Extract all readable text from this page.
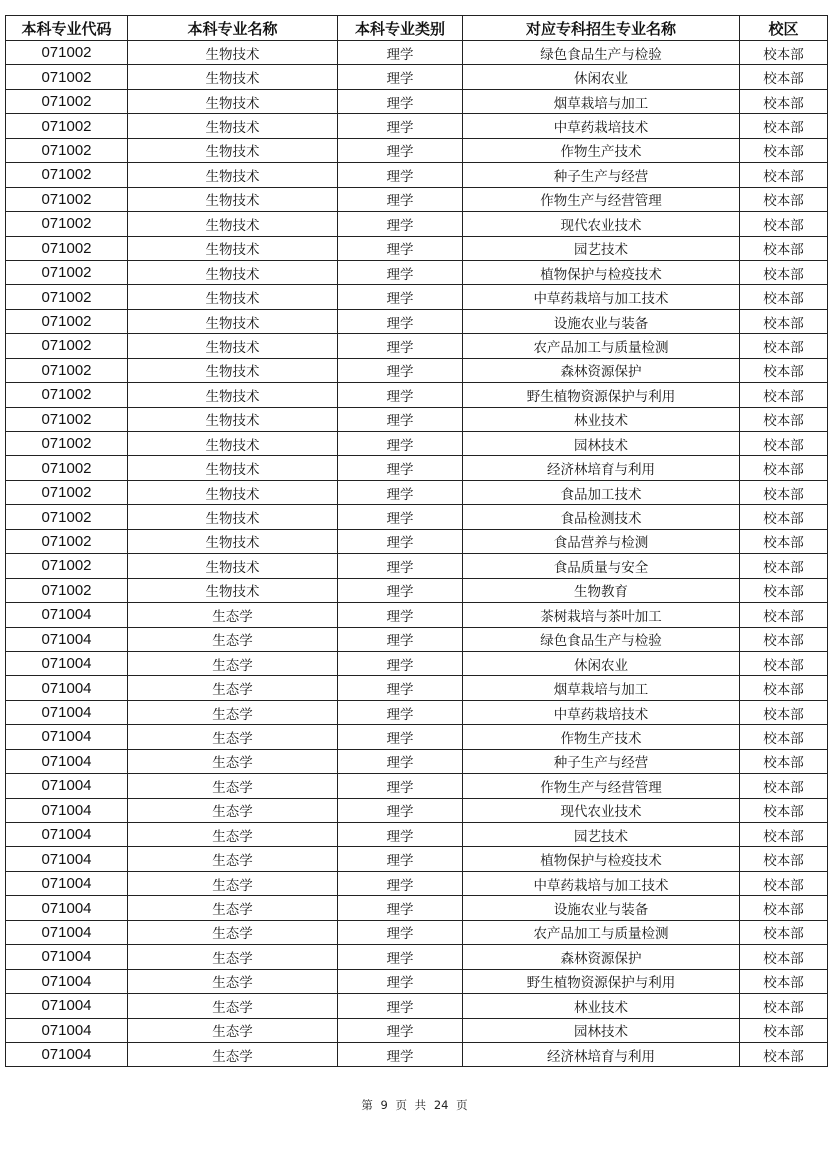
本科专业代码	本科专业名称	本科专业类别	对应专科招生专业名称	校区
071002	生物技术	理学	绿色食品生产与检验	校本部
071002	生物技术	理学	休闲农业	校本部
071002	生物技术	理学	烟草栽培与加工	校本部
071002	生物技术	理学	中草药栽培技术	校本部
071002	生物技术	理学	作物生产技术	校本部
071002	生物技术	理学	种子生产与经营	校本部
071002	生物技术	理学	作物生产与经营管理	校本部
071002	生物技术	理学	现代农业技术	校本部
071002	生物技术	理学	园艺技术	校本部
071002	生物技术	理学	植物保护与检疫技术	校本部
071002	生物技术	理学	中草药栽培与加工技术	校本部
071002	生物技术	理学	设施农业与装备	校本部
071002	生物技术	理学	农产品加工与质量检测	校本部
071002	生物技术	理学	森林资源保护	校本部
071002	生物技术	理学	野生植物资源保护与利用	校本部
071002	生物技术	理学	林业技术	校本部
071002	生物技术	理学	园林技术	校本部
071002	生物技术	理学	经济林培育与利用	校本部
071002	生物技术	理学	食品加工技术	校本部
071002	生物技术	理学	食品检测技术	校本部
071002	生物技术	理学	食品营养与检测	校本部
071002	生物技术	理学	食品质量与安全	校本部
071002	生物技术	理学	生物教育	校本部
071004	生态学	理学	茶树栽培与茶叶加工	校本部
071004	生态学	理学	绿色食品生产与检验	校本部
071004	生态学	理学	休闲农业	校本部
071004	生态学	理学	烟草栽培与加工	校本部
071004	生态学	理学	中草药栽培技术	校本部
071004	生态学	理学	作物生产技术	校本部
071004	生态学	理学	种子生产与经营	校本部
071004	生态学	理学	作物生产与经营管理	校本部
071004	生态学	理学	现代农业技术	校本部
071004	生态学	理学	园艺技术	校本部
071004	生态学	理学	植物保护与检疫技术	校本部
071004	生态学	理学	中草药栽培与加工技术	校本部
071004	生态学	理学	设施农业与装备	校本部
071004	生态学	理学	农产品加工与质量检测	校本部
071004	生态学	理学	森林资源保护	校本部
071004	生态学	理学	野生植物资源保护与利用	校本部
071004	生态学	理学	林业技术	校本部
071004	生态学	理学	园林技术	校本部
071004	生态学	理学	经济林培育与利用	校本部
第 9 页 共 24 页
